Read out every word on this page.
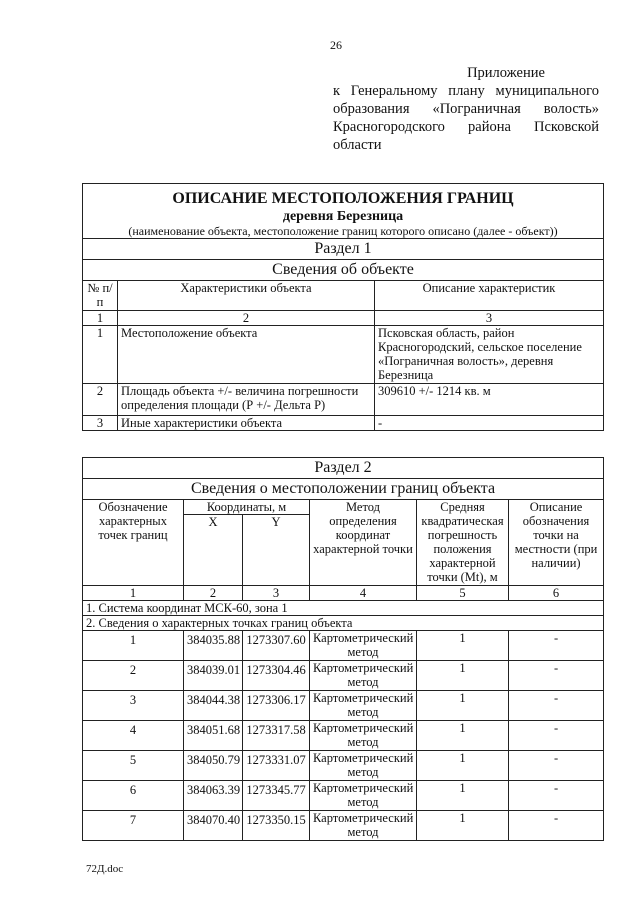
26
Приложение
к Генеральному плану муниципального
образования «Пограничная волость»
Красногородского района Псковской
области
ОПИСАНИЕ МЕСТОПОЛОЖЕНИЯ ГРАНИЦ		
деревня Березница		
(наименование объекта, местоположение границ которого описано (далее - объект))		
Раздел 1		
Сведения об объекте		
№ п/п	Характеристики объекта	Описание характеристик
1	2	3
1	Местоположение объекта	Псковская область, район Красногородский, сельское поселение «Пограничная волость», деревня Березница
2	Площадь объекта +/- величина погрешности определения площади (Р +/- Дельта Р)	309610 +/- 1214 кв. м
3	Иные характеристики объекта	-
Раздел 2					
Сведения о местоположении границ объекта					
Обозначение характерных точек границ	Координаты, м		Метод определения координат характерной точки	Средняя квадратическая погрешность положения характерной точки (Мt), м	Описание обозначения точки на местности (при наличии)
	X	Y			
1	2	3	4	5	6
1. Система координат МСК-60, зона 1					
2. Сведения о характерных точках границ объекта					
1	384035.88	1273307.60	Картометрический метод	1	-
2	384039.01	1273304.46	Картометрический метод	1	-
3	384044.38	1273306.17	Картометрический метод	1	-
4	384051.68	1273317.58	Картометрический метод	1	-
5	384050.79	1273331.07	Картометрический метод	1	-
6	384063.39	1273345.77	Картометрический метод	1	-
7	384070.40	1273350.15	Картометрический метод	1	-
72Д.doc
